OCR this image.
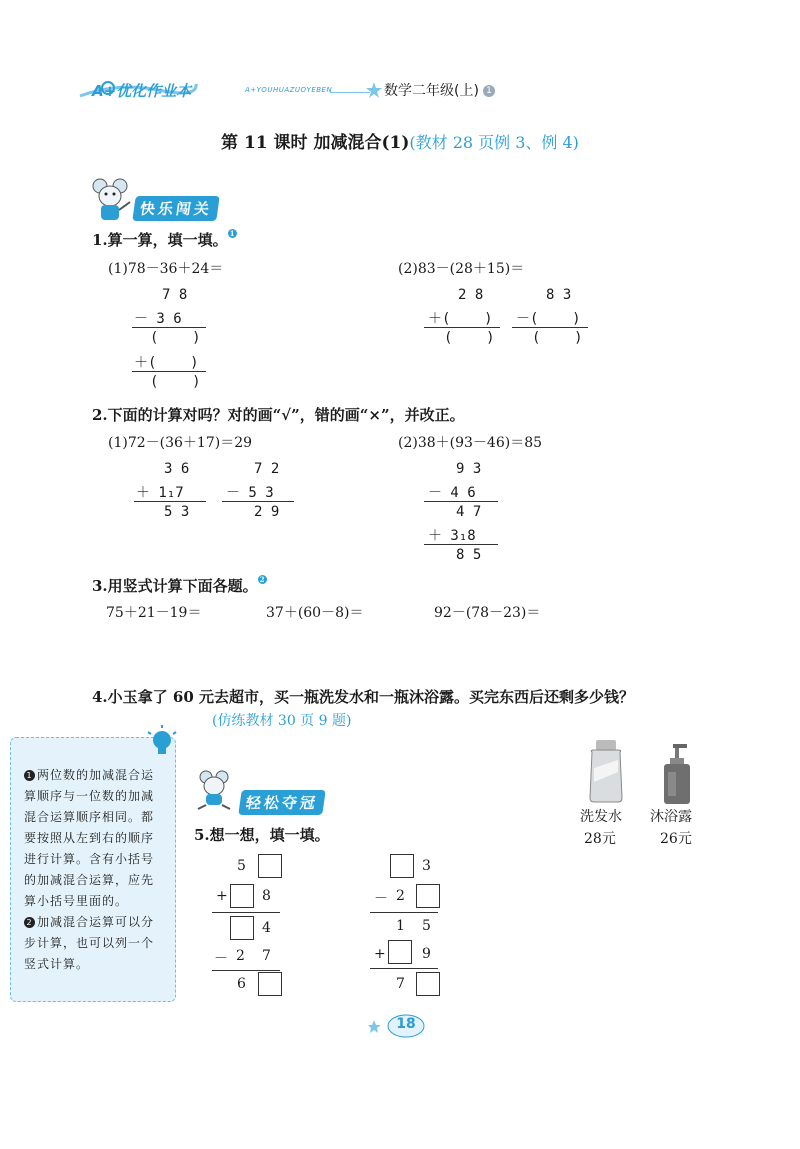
A+优化作业本	A+YOUHUAZUOYEBEN	数学二年级(上) 1
第 11 课时 加减混合(1)(教材 28 页例 3、例 4)
快乐闯关
1.算一算，填一填。 1
(1)78－36＋24＝
7 8
－ 3 6
(    )
＋(    )
(    )
(2)83－(28＋15)＝
2 8
＋(    )
(    )
8 3
－(    )
(    )
2.下面的计算对吗？对的画“√”，错的画“×”，并改正。
(1)72－(36＋17)＝29
3 6
＋ 1₁7
5 3
7 2
－ 5 3
2 9
(2)38＋(93－46)＝85
9 3
－ 4 6
4 7
＋ 3₁8
8 5
3.用竖式计算下面各题。 2
75＋21－19＝	37＋(60－8)＝	92－(78－23)＝
4.小玉拿了 60 元去超市，买一瓶洗发水和一瓶沐浴露。买完东西后还剩多少钱？
(仿练教材 30 页 9 题)
洗发水
28元
沐浴露
26元
1 两位数的加减混合运算顺序与一位数的加减混合运算顺序相同。都要按照从左到右的顺序进行计算。含有小括号的加减混合运算，应先算小括号里面的。
2 加减混合运算可以分步计算，也可以列一个竖式计算。
轻松夺冠
5.想一想，填一填。
5
+ 8
4
－ 2 7
6
3
－ 2
1 5
+	9
7
18
